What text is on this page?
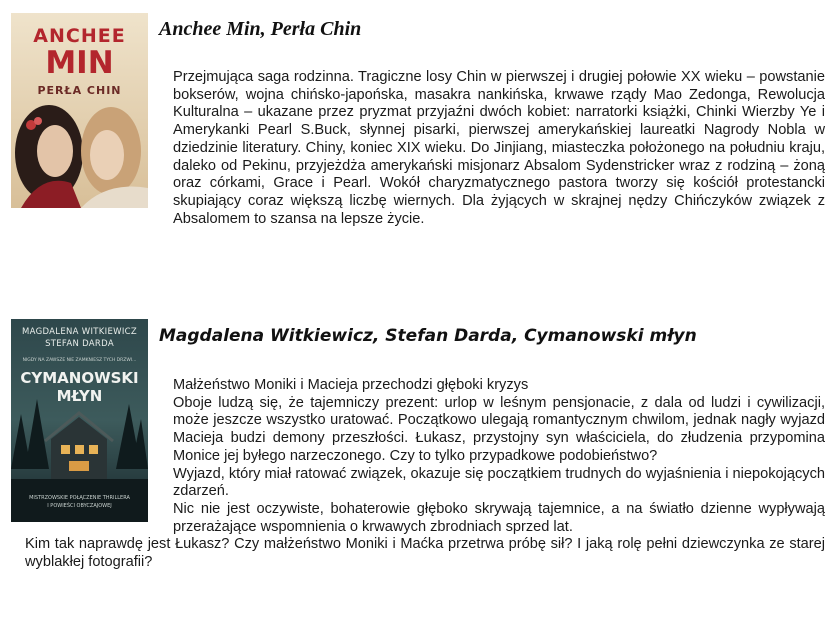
ANCHEE
MIN
PERŁA CHIN
Anchee Min, Perła Chin

Przejmująca saga rodzinna. Tragiczne losy Chin w pierwszej i drugiej połowie XX wieku – powstanie bokserów, wojna chińsko-japońska, masakra nankińska, krwawe rządy Mao Zedonga, Rewolucja Kulturalna – ukazane przez pryzmat przyjaźni dwóch kobiet: narratorki książki, Chinki Wierzby Ye i Amerykanki Pearl S.Buck, słynnej pisarki, pierwszej amerykańskiej laureatki Nagrody Nobla w dziedzinie literatury. Chiny, koniec XIX wieku. Do Jinjiang, miasteczka położonego na południu kraju, daleko od Pekinu, przyjeżdża amerykański misjonarz Absalom Sydenstricker wraz z rodziną – żoną oraz córkami, Grace i Pearl. Wokół charyzmatycznego pastora tworzy się kościół protestancki skupiający coraz większą liczbę wiernych. Dla żyjących w skrajnej nędzy Chińczyków związek z Absalomem to szansa na lepsze życie.

MAGDALENA WITKIEWICZ
STEFAN DARDA
NIGDY NA ZAWSZE NIE ZAMKNIESZ TYCH DRZWI...
CYMANOWSKI
MŁYN
MISTRZOWSKIE POŁĄCZENIE THRILLERA
I POWIEŚCI OBYCZAJOWEJ
Magdalena Witkiewicz, Stefan Darda, Cymanowski młyn

Małżeństwo Moniki i Macieja przechodzi głęboki kryzys

Oboje ludzą się, że tajemniczy prezent: urlop w leśnym pensjonacie, z dala od ludzi i cywilizacji, może jeszcze wszystko uratować. Początkowo ulegają romantycznym chwilom, jednak nagły wyjazd Macieja budzi demony przeszłości. Łukasz, przystojny syn właściciela, do złudzenia przypomina Monice jej byłego narzeczonego. Czy to tylko przypadkowe podobieństwo?

Wyjazd, który miał ratować związek, okazuje się początkiem trudnych do wyjaśnienia i niepokojących zdarzeń.

Nic nie jest oczywiste, bohaterowie głęboko skrywają tajemnice, a na światło dzienne wypływają przerażające wspomnienia o krwawych zbrodniach sprzed lat.

Kim tak naprawdę jest Łukasz? Czy małżeństwo Moniki i Maćka przetrwa próbę sił? I jaką rolę pełni dziewczynka ze starej wyblakłej fotografii?
